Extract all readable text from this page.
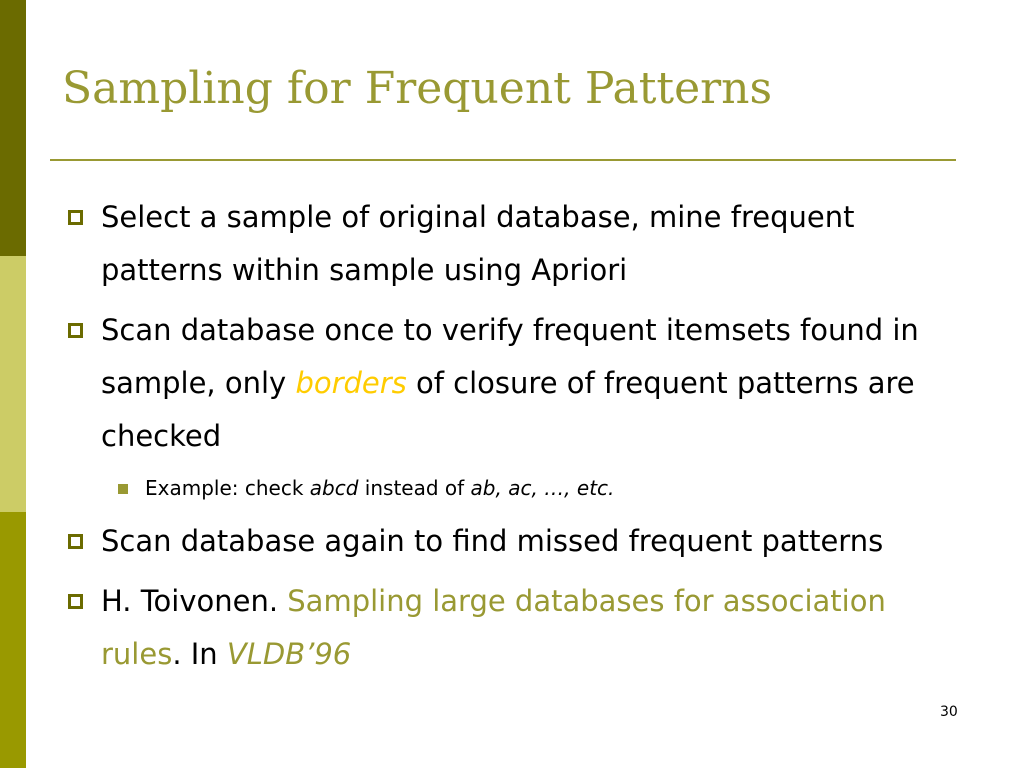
Sampling for Frequent Patterns
Select a sample of original database, mine frequent patterns within sample using Apriori
Scan database once to verify frequent itemsets found in sample, only borders of closure of frequent patterns are checked
Example: check abcd instead of ab, ac, …, etc.
Scan database again to find missed frequent patterns
H. Toivonen. Sampling large databases for association rules. In VLDB’96
30
